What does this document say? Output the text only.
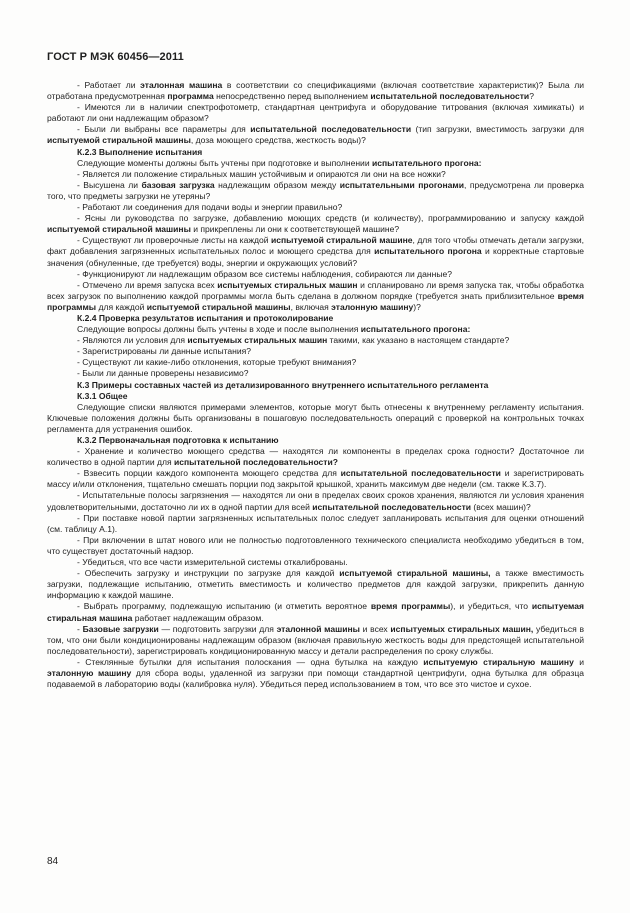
ГОСТ Р МЭК 60456—2011

- Работает ли эталонная машина в соответствии со спецификациями (включая соответствие характеристик)? Была ли отработана предусмотренная программа непосредственно перед выполнением испытательной последовательности?

- Имеются ли в наличии спектрофотометр, стандартная центрифуга и оборудование титрования (включая химикаты) и работают ли они надлежащим образом?

- Были ли выбраны все параметры для испытательной последовательности (тип загрузки, вместимость загрузки для испытуемой стиральной машины, доза моющего средства, жесткость воды)?

К.2.3 Выполнение испытания

Следующие моменты должны быть учтены при подготовке и выполнении испытательного прогона:

- Является ли положение стиральных машин устойчивым и опираются ли они на все ножки?

- Высушена ли базовая загрузка надлежащим образом между испытательными прогонами, предусмотрена ли проверка того, что предметы загрузки не утеряны?

- Работают ли соединения для подачи воды и энергии правильно?

- Ясны ли руководства по загрузке, добавлению моющих средств (и количеству), программированию и запуску каждой испытуемой стиральной машины и прикреплены ли они к соответствующей машине?

- Существуют ли проверочные листы на каждой испытуемой стиральной машине, для того чтобы отмечать детали загрузки, факт добавления загрязненных испытательных полос и моющего средства для испытательного прогона и корректные стартовые значения (обнуленные, где требуется) воды, энергии и окружающих условий?

- Функционируют ли надлежащим образом все системы наблюдения, собираются ли данные?

- Отмечено ли время запуска всех испытуемых стиральных машин и спланировано ли время запуска так, чтобы обработка всех загрузок по выполнению каждой программы могла быть сделана в должном порядке (требуется знать приблизительное время программы для каждой испытуемой стиральной машины, включая эталонную машину)?

К.2.4 Проверка результатов испытания и протоколирование

Следующие вопросы должны быть учтены в ходе и после выполнения испытательного прогона:

- Являются ли условия для испытуемых стиральных машин такими, как указано в настоящем стандарте?

- Зарегистрированы ли данные испытания?

- Существуют ли какие-либо отклонения, которые требуют внимания?

- Были ли данные проверены независимо?

К.3 Примеры составных частей из детализированного внутреннего испытательного регламента

К.3.1 Общее

Следующие списки являются примерами элементов, которые могут быть отнесены к внутреннему регламенту испытания. Ключевые положения должны быть организованы в пошаговую последовательность операций с проверкой на контрольных точках регламента для устранения ошибок.

К.3.2 Первоначальная подготовка к испытанию

- Хранение и количество моющего средства — находятся ли компоненты в пределах срока годности? Достаточное ли количество в одной партии для испытательной последовательности?

- Взвесить порции каждого компонента моющего средства для испытательной последовательности и зарегистрировать массу и/или отклонения, тщательно смешать порции под закрытой крышкой, хранить максимум две недели (см. также К.3.7).

- Испытательные полосы загрязнения — находятся ли они в пределах своих сроков хранения, являются ли условия хранения удовлетворительными, достаточно ли их в одной партии для всей испытательной последовательности (всех машин)?

- При поставке новой партии загрязненных испытательных полос следует запланировать испытания для оценки отношений (см. таблицу А.1).

- При включении в штат нового или не полностью подготовленного технического специалиста необходимо убедиться в том, что существует достаточный надзор.

- Убедиться, что все части измерительной системы откалиброваны.

- Обеспечить загрузку и инструкции по загрузке для каждой испытуемой стиральной машины, а также вместимость загрузки, подлежащие испытанию, отметить вместимость и количество предметов для каждой загрузки, прикрепить данную информацию к каждой машине.

- Выбрать программу, подлежащую испытанию (и отметить вероятное время программы), и убедиться, что испытуемая стиральная машина работает надлежащим образом.

- Базовые загрузки — подготовить загрузки для эталонной машины и всех испытуемых стиральных машин, убедиться в том, что они были кондиционированы надлежащим образом (включая правильную жесткость воды для предстоящей испытательной последовательности), зарегистрировать кондиционированную массу и детали распределения по сроку службы.

- Стеклянные бутылки для испытания полоскания — одна бутылка на каждую испытуемую стиральную машину и эталонную машину для сбора воды, удаленной из загрузки при помощи стандартной центрифуги, одна бутылка для образца подаваемой в лабораторию воды (калибровка нуля). Убедиться перед использованием в том, что все это чистое и сухое.

84
